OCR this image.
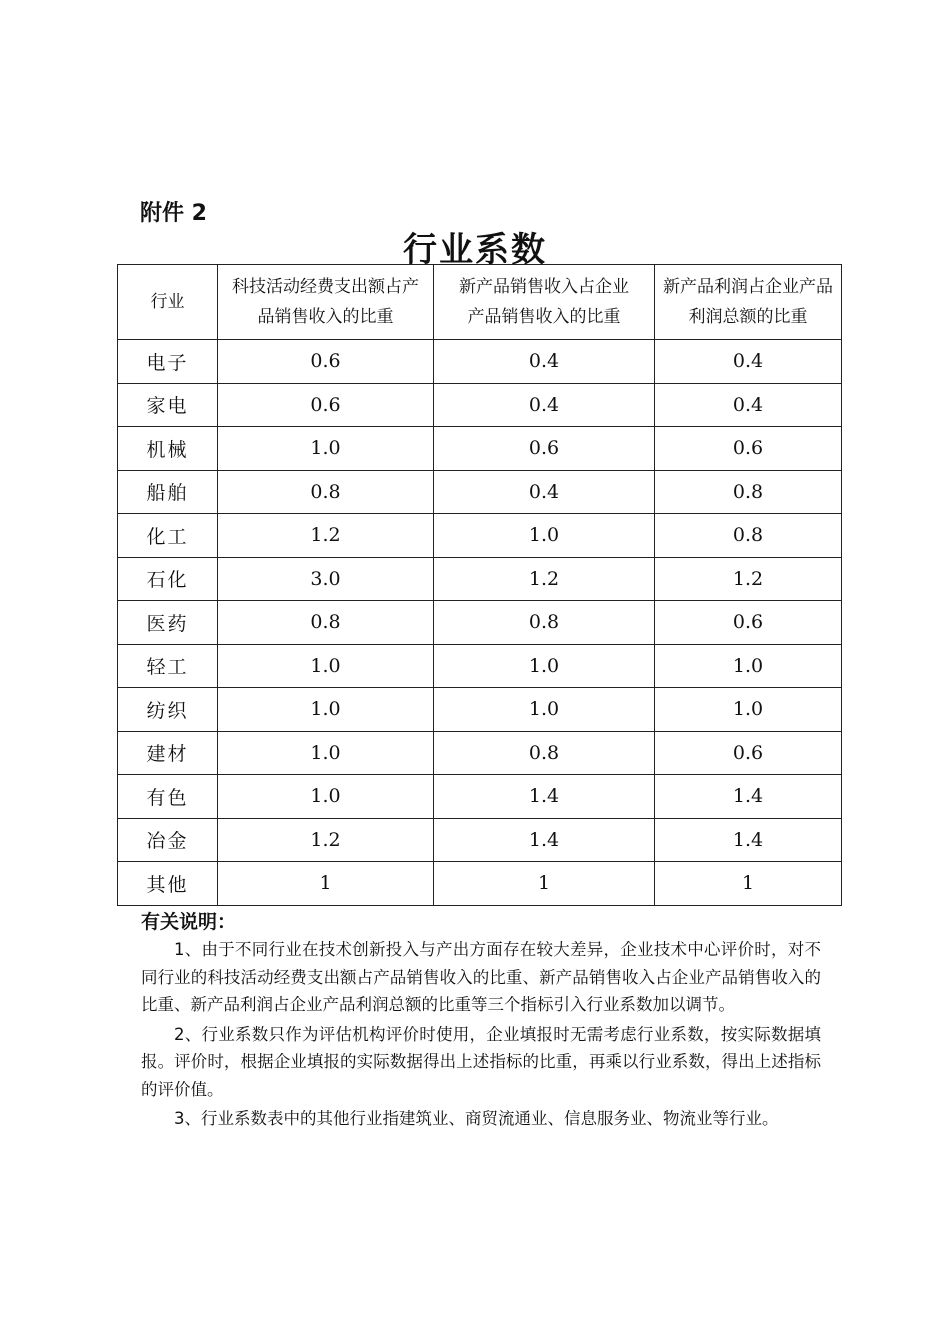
附件 2
行业系数
行业	科技活动经费支出额占产品销售收入的比重	新产品销售收入占企业产品销售收入的比重	新产品利润占企业产品利润总额的比重

电子	0.6	0.4	0.4
家电	0.6	0.4	0.4
机械	1.0	0.6	0.6
船舶	0.8	0.4	0.8
化工	1.2	1.0	0.8
石化	3.0	1.2	1.2
医药	0.8	0.8	0.6
轻工	1.0	1.0	1.0
纺织	1.0	1.0	1.0
建材	1.0	0.8	0.6
有色	1.0	1.4	1.4
冶金	1.2	1.4	1.4
其他	1	1	1
有关说明：

1、由于不同行业在技术创新投入与产出方面存在较大差异，企业技术中心评价时，对不同行业的科技活动经费支出额占产品销售收入的比重、新产品销售收入占企业产品销售收入的比重、新产品利润占企业产品利润总额的比重等三个指标引入行业系数加以调节。

2、行业系数只作为评估机构评价时使用，企业填报时无需考虑行业系数，按实际数据填报。评价时，根据企业填报的实际数据得出上述指标的比重，再乘以行业系数，得出上述指标的评价值。

3、行业系数表中的其他行业指建筑业、商贸流通业、信息服务业、物流业等行业。
